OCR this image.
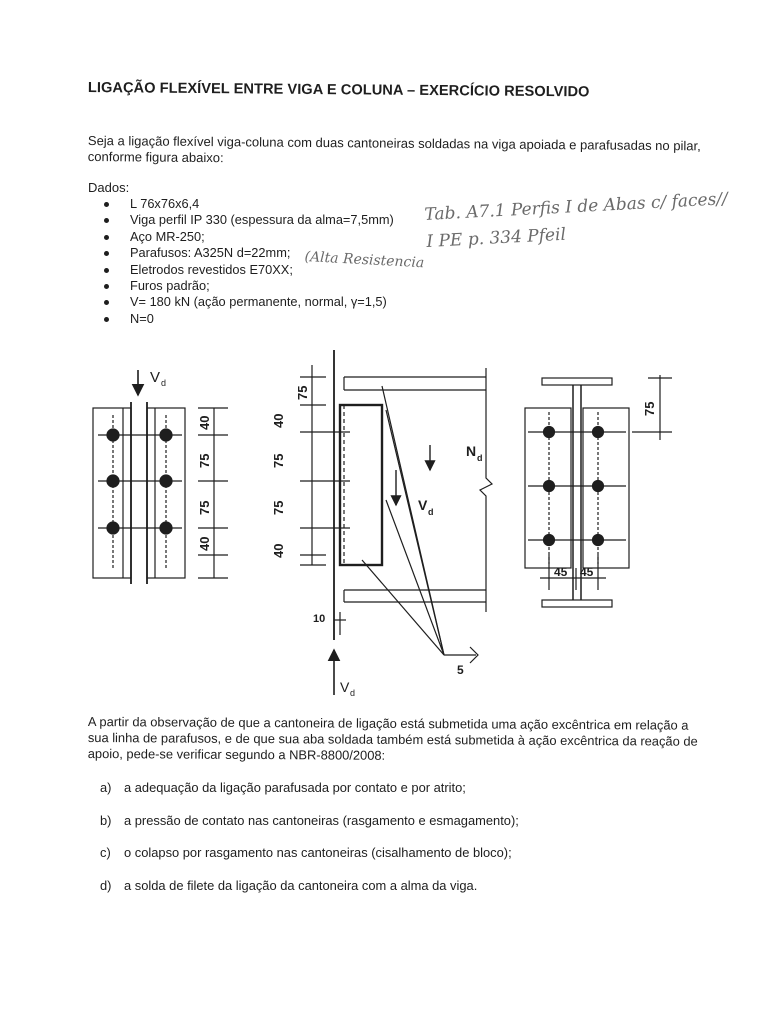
LIGAÇÃO FLEXÍVEL ENTRE VIGA E COLUNA – EXERCÍCIO RESOLVIDO
Seja a ligação flexível viga-coluna com duas cantoneiras soldadas na viga apoiada e parafusadas no pilar, conforme figura abaixo:
Dados:
L 76x76x6,4
Viga perfil IP 330 (espessura da alma=7,5mm)
Aço MR-250;
Parafusos: A325N d=22mm;
Eletrodos revestidos E70XX;
Furos padrão;
V= 180 kN (ação permanente, normal, γ=1,5)
N=0
Tab. A7.1 Perfis I de Abas c/ faces//
I PE p. 334 Pfeil
(Alta Resistencia
V d
40
75
75
40
75
40
75
75
40
10
N d
V d
V d
5
75
45 45
A partir da observação de que a cantoneira de ligação está submetida uma ação excêntrica em relação a sua linha de parafusos, e de que sua aba soldada também está submetida à ação excêntrica da reação de apoio, pede-se verificar segundo a NBR-8800/2008:
a) a adequação da ligação parafusada por contato e por atrito;
b) a pressão de contato nas cantoneiras (rasgamento e esmagamento);
c) o colapso por rasgamento nas cantoneiras (cisalhamento de bloco);
d) a solda de filete da ligação da cantoneira com a alma da viga.
